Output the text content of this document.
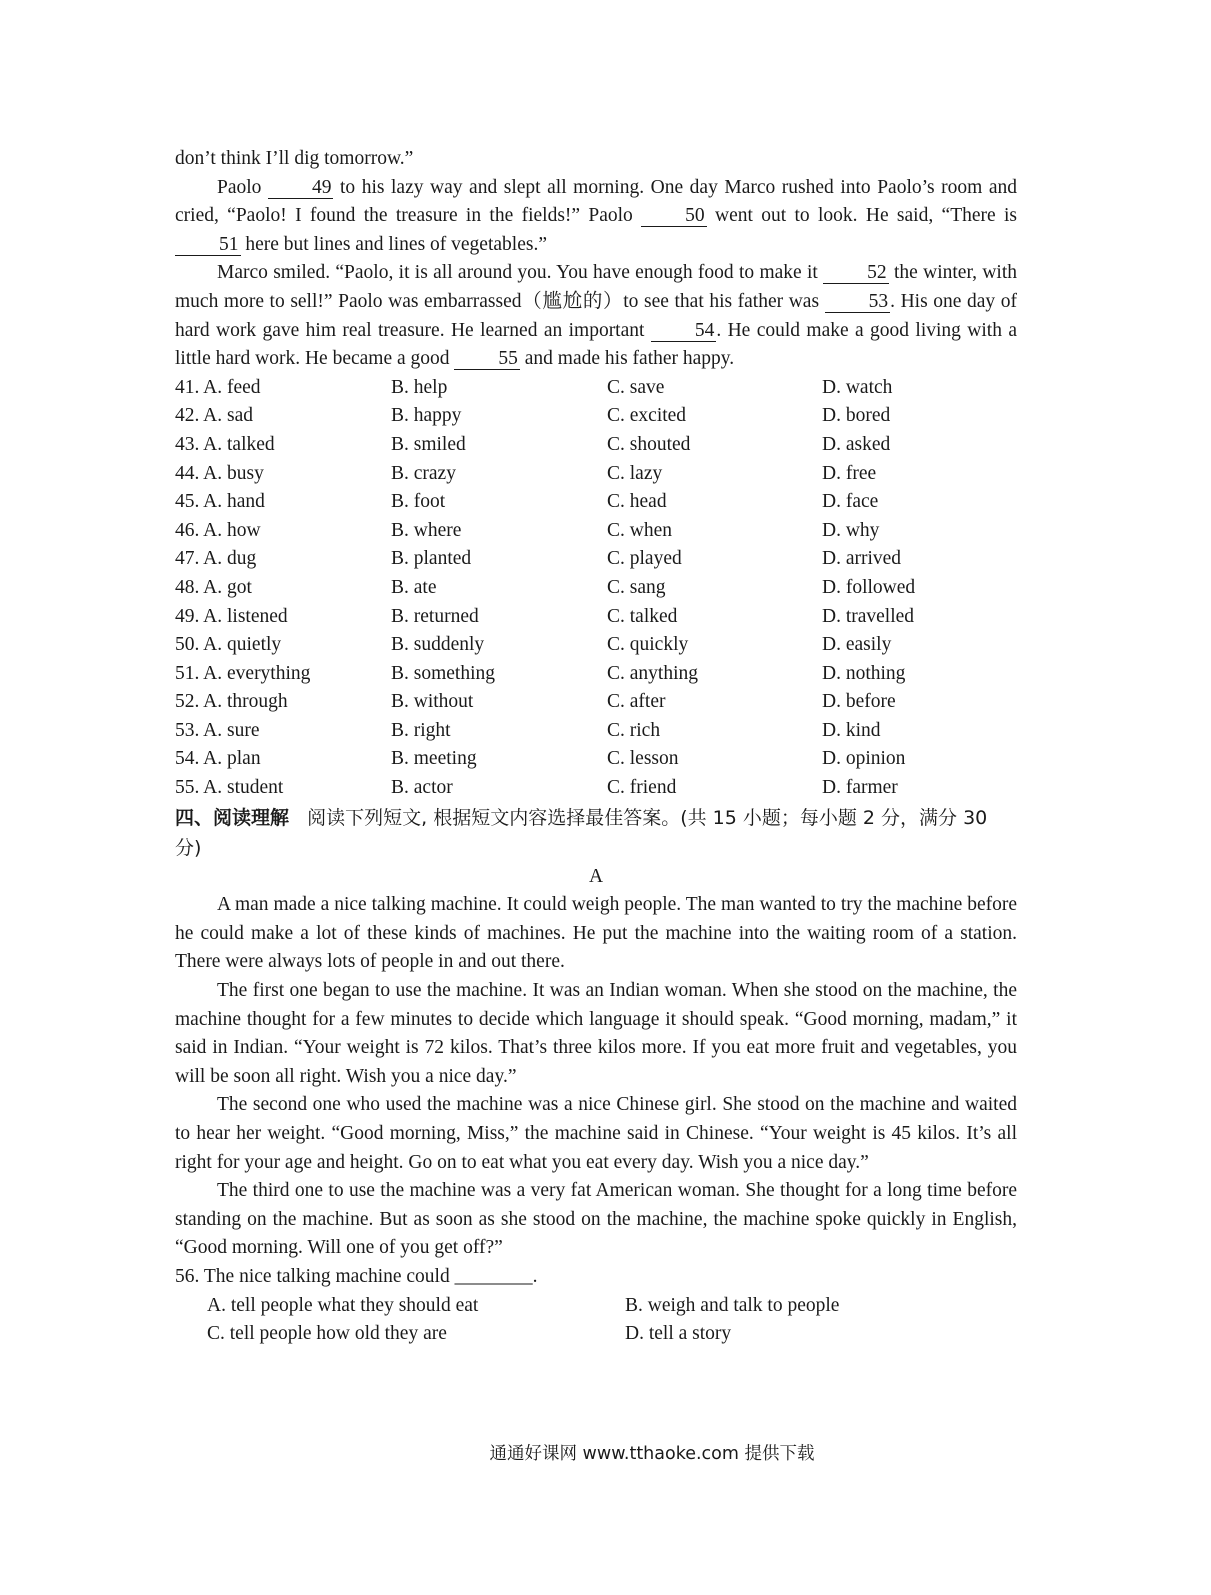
don’t think I’ll dig tomorrow.”

Paolo	49 to his lazy way and slept all morning. One day Marco rushed into Paolo’s room and cried, “Paolo! I found the treasure in the fields!” Paolo	50 went out to look. He said, “There is 51 here but lines and lines of vegetables.”

Marco smiled. “Paolo, it is all around you. You have enough food to make it	52 the winter, with much more to sell!” Paolo was embarrassed（尴尬的）to see that his father was	53 . His one day of hard work gave him real treasure. He learned an important	54 . He could make a good living with a little hard work. He became a good	55 and made his father happy.

41. A. feed	B. help	C. save	D. watch
42. A. sad	B. happy	C. excited	D. bored
43. A. talked	B. smiled	C. shouted	D. asked
44. A. busy	B. crazy	C. lazy	D. free
45. A. hand	B. foot	C. head	D. face
46. A. how	B. where	C. when	D. why
47. A. dug	B. planted	C. played	D. arrived
48. A. got	B. ate	C. sang	D. followed
49. A. listened	B. returned	C. talked	D. travelled
50. A. quietly	B. suddenly	C. quickly	D. easily
51. A. everything	B. something	C. anything	D. nothing
52. A. through	B. without	C. after	D. before
53. A. sure	B. right	C. rich	D. kind
54. A. plan	B. meeting	C. lesson	D. opinion
55. A. student	B. actor	C. friend	D. farmer

四、阅读理解 阅读下列短文, 根据短文内容选择最佳答案。(共 15 小题；每小题 2 分，满分 30 分)

A

A man made a nice talking machine. It could weigh people. The man wanted to try the machine before he could make a lot of these kinds of machines. He put the machine into the waiting room of a station. There were always lots of people in and out there.

The first one began to use the machine. It was an Indian woman. When she stood on the machine, the machine thought for a few minutes to decide which language it should speak. “Good morning, madam,” it said in Indian. “Your weight is 72 kilos. That’s three kilos more. If you eat more fruit and vegetables, you will be soon all right. Wish you a nice day.”

The second one who used the machine was a nice Chinese girl. She stood on the machine and waited to hear her weight. “Good morning, Miss,” the machine said in Chinese. “Your weight is 45 kilos. It’s all right for your age and height. Go on to eat what you eat every day. Wish you a nice day.”

The third one to use the machine was a very fat American woman. She thought for a long time before standing on the machine. But as soon as she stood on the machine, the machine spoke quickly in English, “Good morning. Will one of you get off?”

56. The nice talking machine could ________.

A. tell people what they should eat	B. weigh and talk to people
C. tell people how old they are	D. tell a story
通通好课网 www.tthaoke.com 提供下载
